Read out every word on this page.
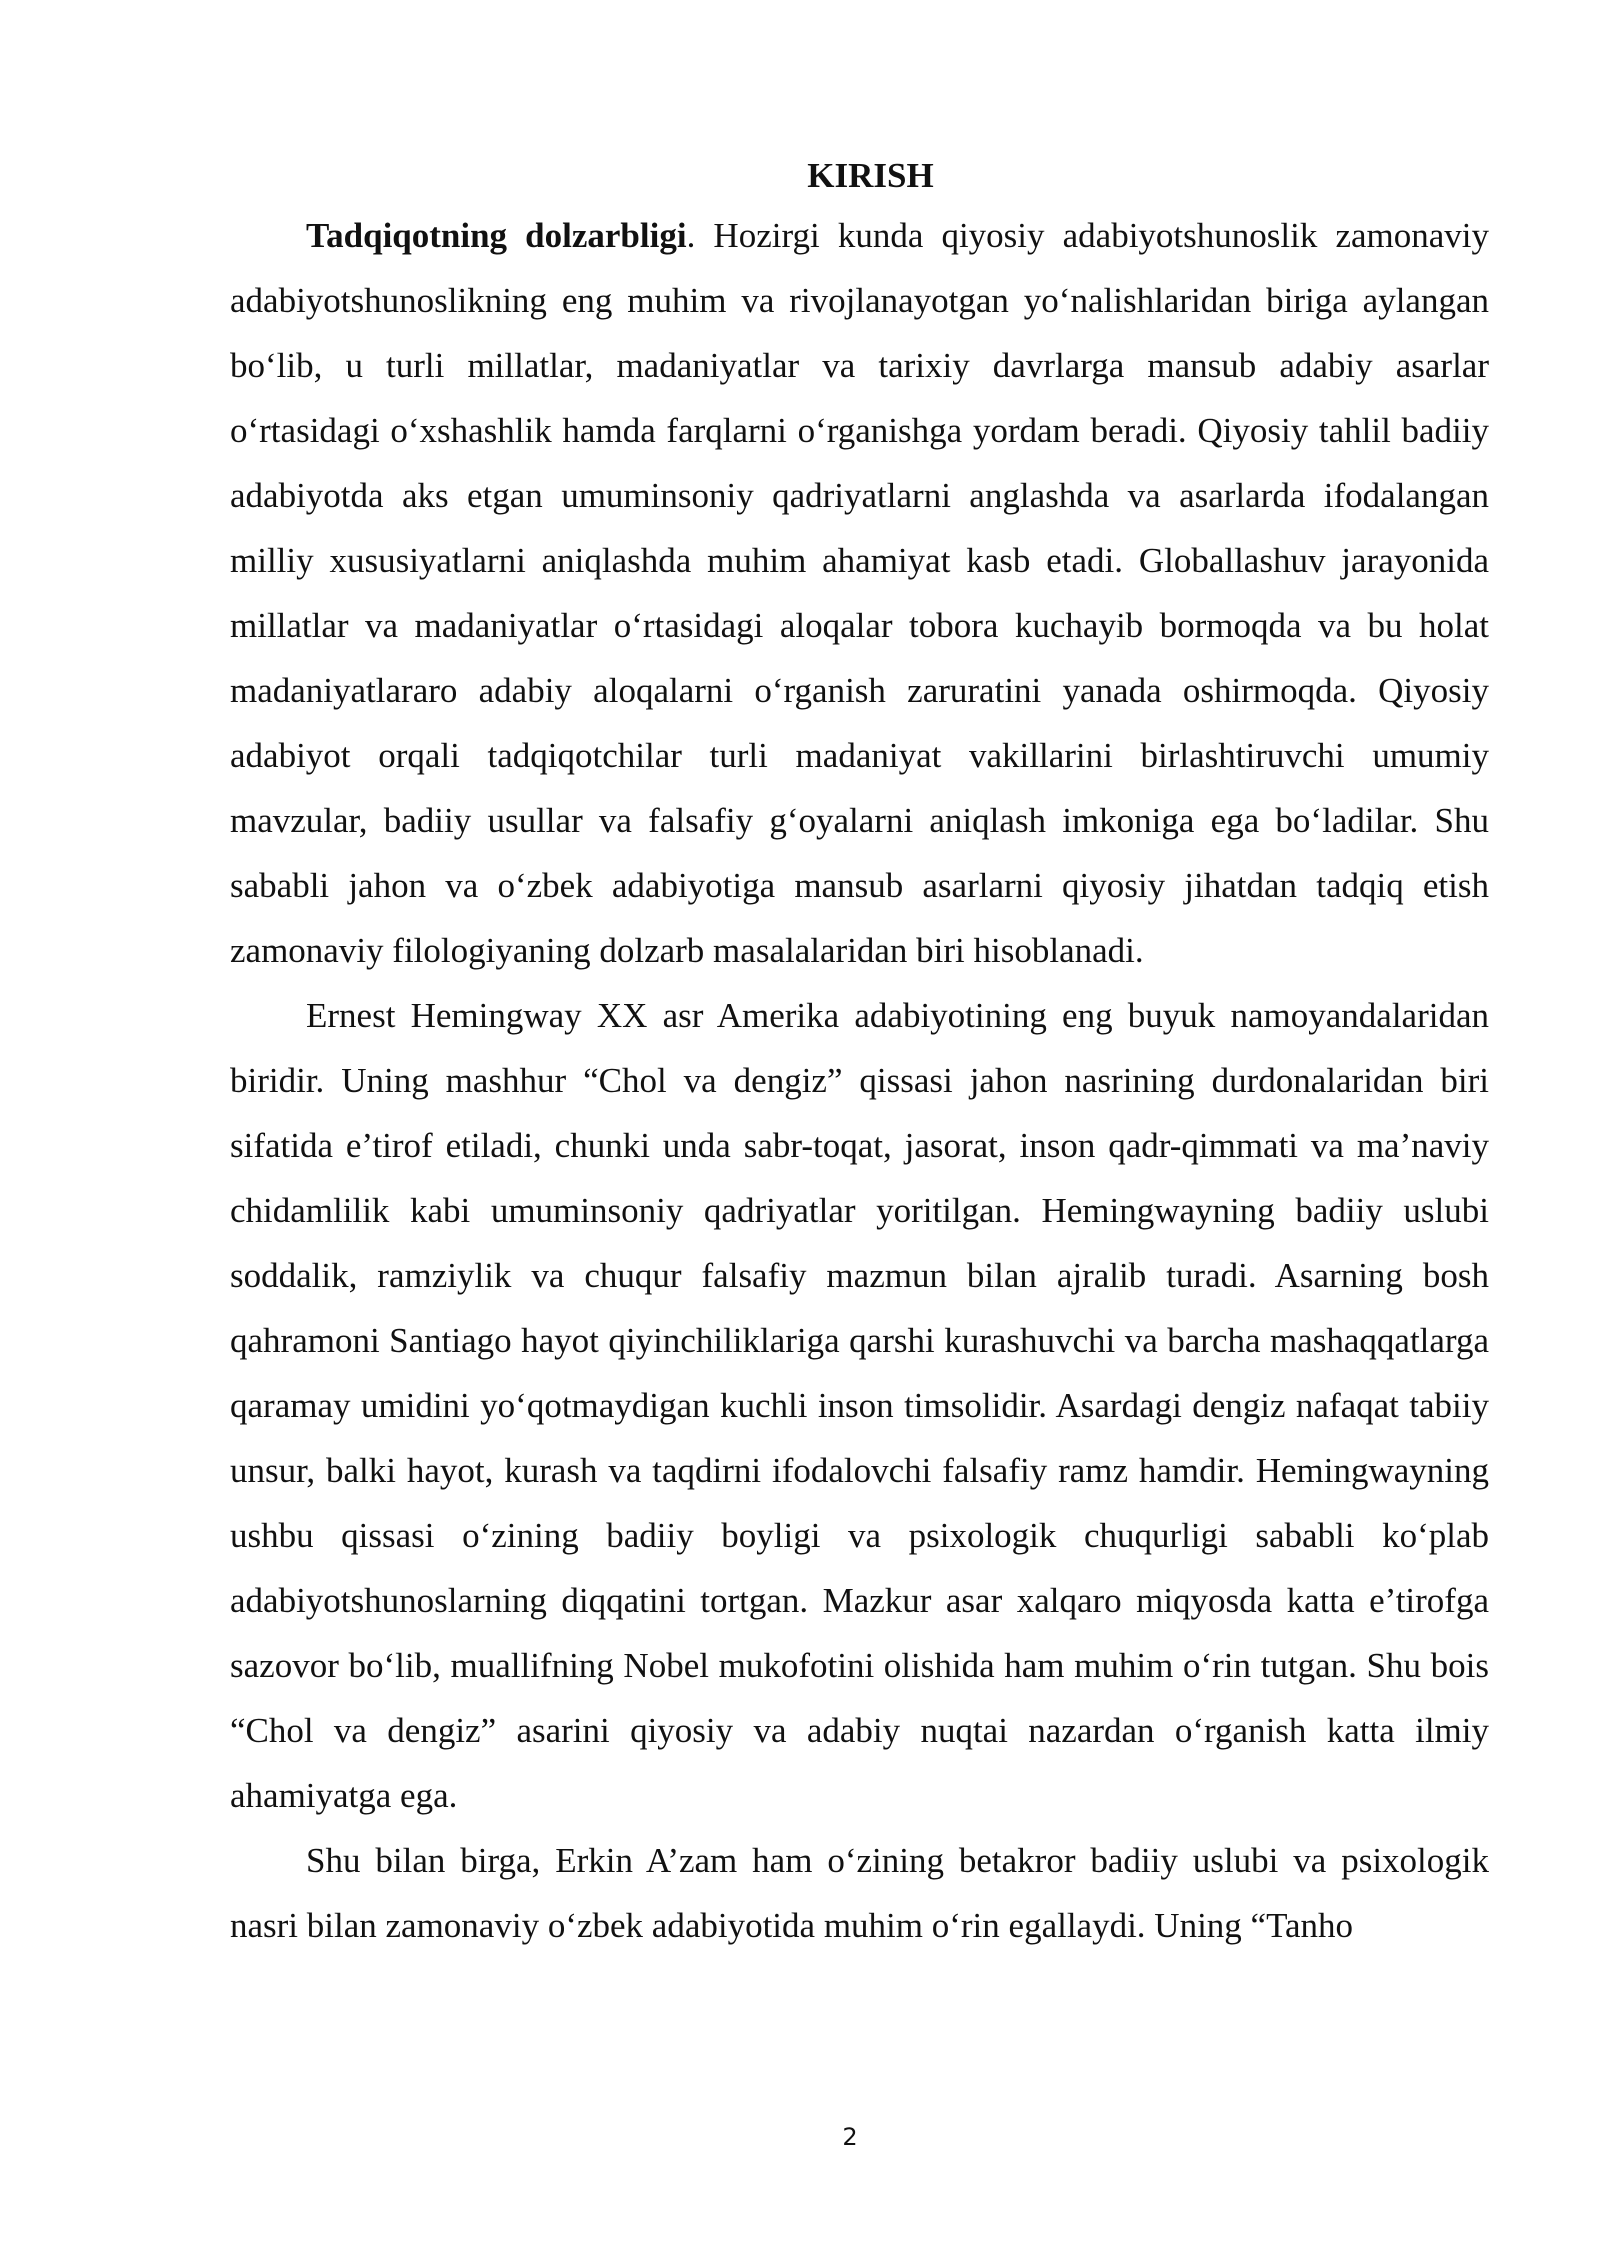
KIRISH

Tadqiqotning dolzarbligi. Hozirgi kunda qiyosiy adabiyotshunoslik zamonaviy adabiyotshunoslikning eng muhim va rivojlanayotgan yoʻnalishlaridan biriga aylangan boʻlib, u turli millatlar, madaniyatlar va tarixiy davrlarga mansub adabiy asarlar oʻrtasidagi oʻxshashlik hamda farqlarni oʻrganishga yordam beradi. Qiyosiy tahlil badiiy adabiyotda aks etgan umuminsoniy qadriyatlarni anglashda va asarlarda ifodalangan milliy xususiyatlarni aniqlashda muhim ahamiyat kasb etadi. Globallashuv jarayonida millatlar va madaniyatlar oʻrtasidagi aloqalar tobora kuchayib bormoqda va bu holat madaniyatlararo adabiy aloqalarni oʻrganish zaruratini yanada oshirmoqda. Qiyosiy adabiyot orqali tadqiqotchilar turli madaniyat vakillarini birlashtiruvchi umumiy mavzular, badiiy usullar va falsafiy gʻoyalarni aniqlash imkoniga ega boʻladilar. Shu sababli jahon va oʻzbek adabiyotiga mansub asarlarni qiyosiy jihatdan tadqiq etish zamonaviy filologiyaning dolzarb masalalaridan biri hisoblanadi.

Ernest Hemingway XX asr Amerika adabiyotining eng buyuk namoyandalaridan biridir. Uning mashhur “Chol va dengiz” qissasi jahon nasrining durdonalaridan biri sifatida e’tirof etiladi, chunki unda sabr-toqat, jasorat, inson qadr-qimmati va ma’naviy chidamlilik kabi umuminsoniy qadriyatlar yoritilgan. Hemingwayning badiiy uslubi soddalik, ramziylik va chuqur falsafiy mazmun bilan ajralib turadi. Asarning bosh qahramoni Santiago hayot qiyinchiliklariga qarshi kurashuvchi va barcha mashaqqatlarga qaramay umidini yoʻqotmaydigan kuchli inson timsolidir. Asardagi dengiz nafaqat tabiiy unsur, balki hayot, kurash va taqdirni ifodalovchi falsafiy ramz hamdir. Hemingwayning ushbu qissasi oʻzining badiiy boyligi va psixologik chuqurligi sababli koʻplab adabiyotshunoslarning diqqatini tortgan. Mazkur asar xalqaro miqyosda katta e’tirofga sazovor boʻlib, muallifning Nobel mukofotini olishida ham muhim oʻrin tutgan. Shu bois “Chol va dengiz” asarini qiyosiy va adabiy nuqtai nazardan oʻrganish katta ilmiy ahamiyatga ega.

Shu bilan birga, Erkin A’zam ham oʻzining betakror badiiy uslubi va psixologik nasri bilan zamonaviy oʻzbek adabiyotida muhim oʻrin egallaydi. Uning “Tanho

2
